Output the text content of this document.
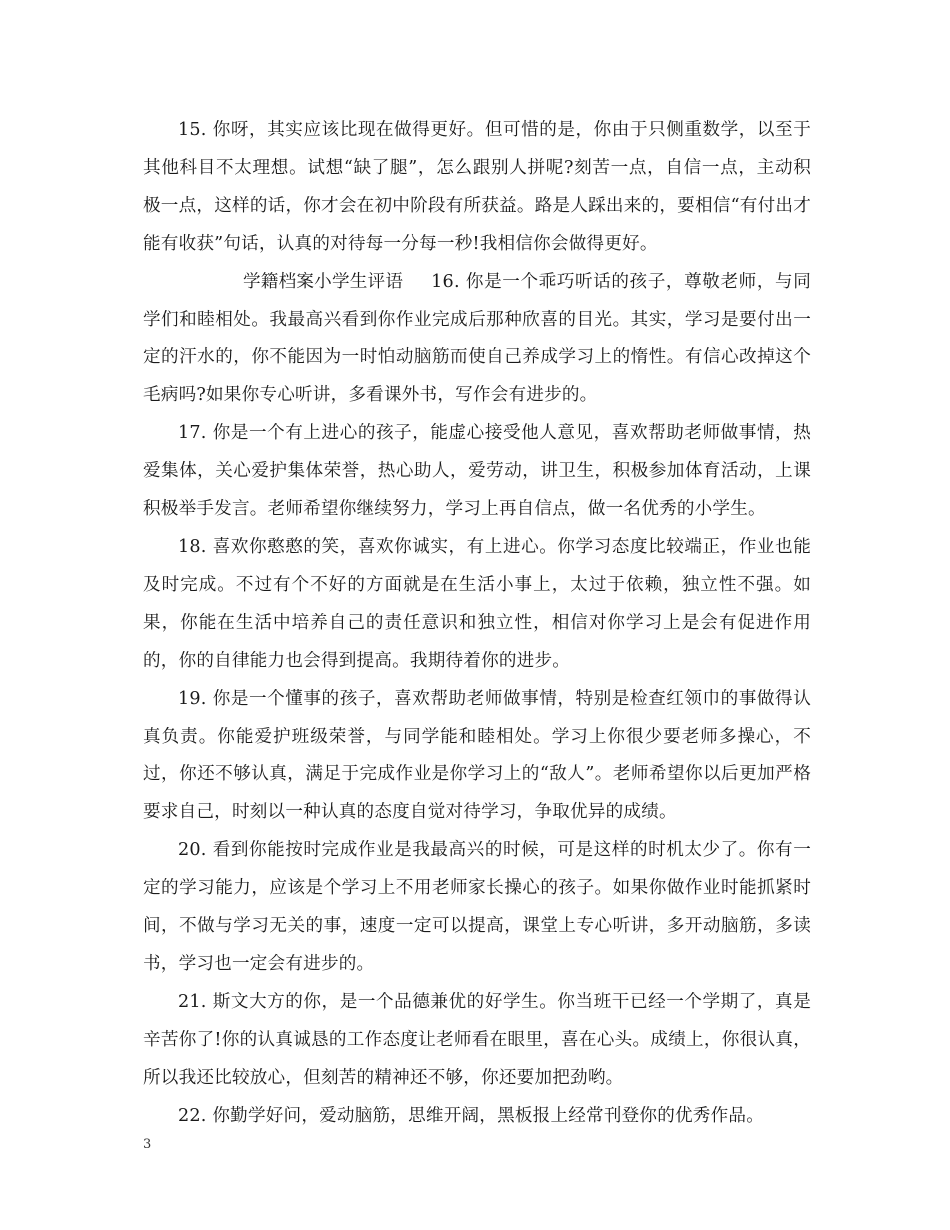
15. 你呀，其实应该比现在做得更好。但可惜的是，你由于只侧重数学，以至于其他科目不太理想。试想“缺了腿”，怎么跟别人拼呢?刻苦一点，自信一点，主动积极一点，这样的话，你才会在初中阶段有所获益。路是人踩出来的，要相信“有付出才能有收获”句话，认真的对待每一分每一秒!我相信你会做得更好。

学籍档案小学生评语 16. 你是一个乖巧听话的孩子，尊敬老师，与同学们和睦相处。我最高兴看到你作业完成后那种欣喜的目光。其实，学习是要付出一定的汗水的，你不能因为一时怕动脑筋而使自己养成学习上的惰性。有信心改掉这个毛病吗?如果你专心听讲，多看课外书，写作会有进步的。

17. 你是一个有上进心的孩子，能虚心接受他人意见，喜欢帮助老师做事情，热爱集体，关心爱护集体荣誉，热心助人，爱劳动，讲卫生，积极参加体育活动，上课积极举手发言。老师希望你继续努力，学习上再自信点，做一名优秀的小学生。

18. 喜欢你憨憨的笑，喜欢你诚实，有上进心。你学习态度比较端正，作业也能及时完成。不过有个不好的方面就是在生活小事上，太过于依赖，独立性不强。如果，你能在生活中培养自己的责任意识和独立性，相信对你学习上是会有促进作用的，你的自律能力也会得到提高。我期待着你的进步。

19. 你是一个懂事的孩子，喜欢帮助老师做事情，特别是检查红领巾的事做得认真负责。你能爱护班级荣誉，与同学能和睦相处。学习上你很少要老师多操心，不过，你还不够认真，满足于完成作业是你学习上的“敌人”。老师希望你以后更加严格要求自己，时刻以一种认真的态度自觉对待学习，争取优异的成绩。

20. 看到你能按时完成作业是我最高兴的时候，可是这样的时机太少了。你有一定的学习能力，应该是个学习上不用老师家长操心的孩子。如果你做作业时能抓紧时间，不做与学习无关的事，速度一定可以提高，课堂上专心听讲，多开动脑筋，多读书，学习也一定会有进步的。

21. 斯文大方的你，是一个品德兼优的好学生。你当班干已经一个学期了，真是辛苦你了!你的认真诚恳的工作态度让老师看在眼里，喜在心头。成绩上，你很认真，所以我还比较放心，但刻苦的精神还不够，你还要加把劲哟。

22. 你勤学好问，爱动脑筋，思维开阔，黑板报上经常刊登你的优秀作品。

3
